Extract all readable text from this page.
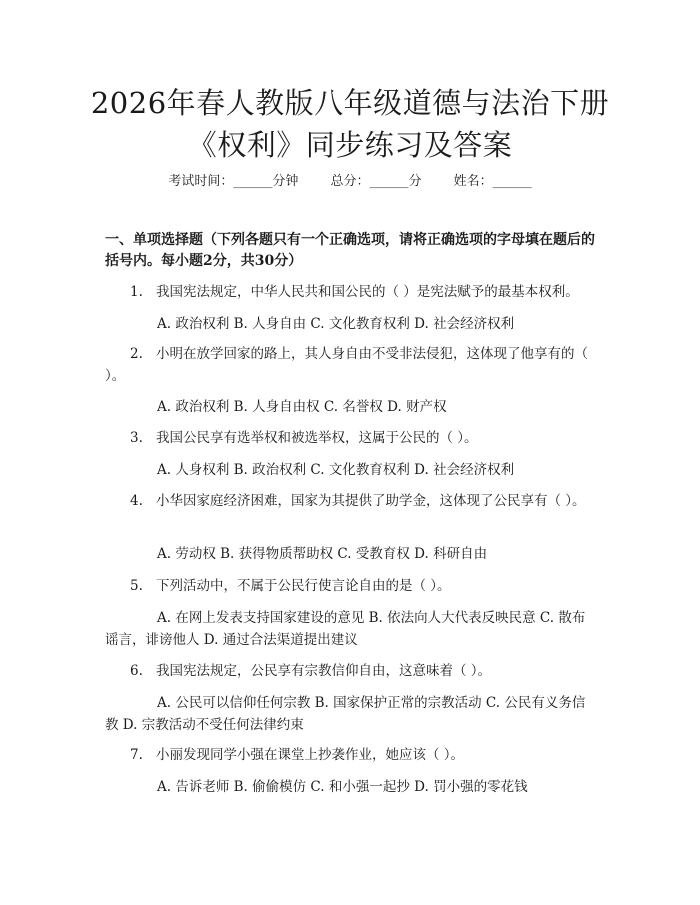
2026年春人教版八年级道德与法治下册《权利》同步练习及答案
考试时间：______分钟 总分：______分 姓名：______
一、单项选择题（下列各题只有一个正确选项，请将正确选项的字母填在题后的括号内。每小题2分，共30分）
1. 我国宪法规定，中华人民共和国公民的（ ）是宪法赋予的最基本权利。
A. 政治权利 B. 人身自由 C. 文化教育权利 D. 社会经济权利
2. 小明在放学回家的路上，其人身自由不受非法侵犯，这体现了他享有的（ ）。
A. 政治权利 B. 人身自由权 C. 名誉权 D. 财产权
3. 我国公民享有选举权和被选举权，这属于公民的（ ）。
A. 人身权利 B. 政治权利 C. 文化教育权利 D. 社会经济权利
4. 小华因家庭经济困难，国家为其提供了助学金，这体现了公民享有（ ）。
A. 劳动权 B. 获得物质帮助权 C. 受教育权 D. 科研自由
5. 下列活动中，不属于公民行使言论自由的是（ ）。
A. 在网上发表支持国家建设的意见 B. 依法向人大代表反映民意 C. 散布谣言，诽谤他人 D. 通过合法渠道提出建议
6. 我国宪法规定，公民享有宗教信仰自由，这意味着（ ）。
A. 公民可以信仰任何宗教 B. 国家保护正常的宗教活动 C. 公民有义务信教 D. 宗教活动不受任何法律约束
7. 小丽发现同学小强在课堂上抄袭作业，她应该（ ）。
A. 告诉老师 B. 偷偷模仿 C. 和小强一起抄 D. 罚小强的零花钱
